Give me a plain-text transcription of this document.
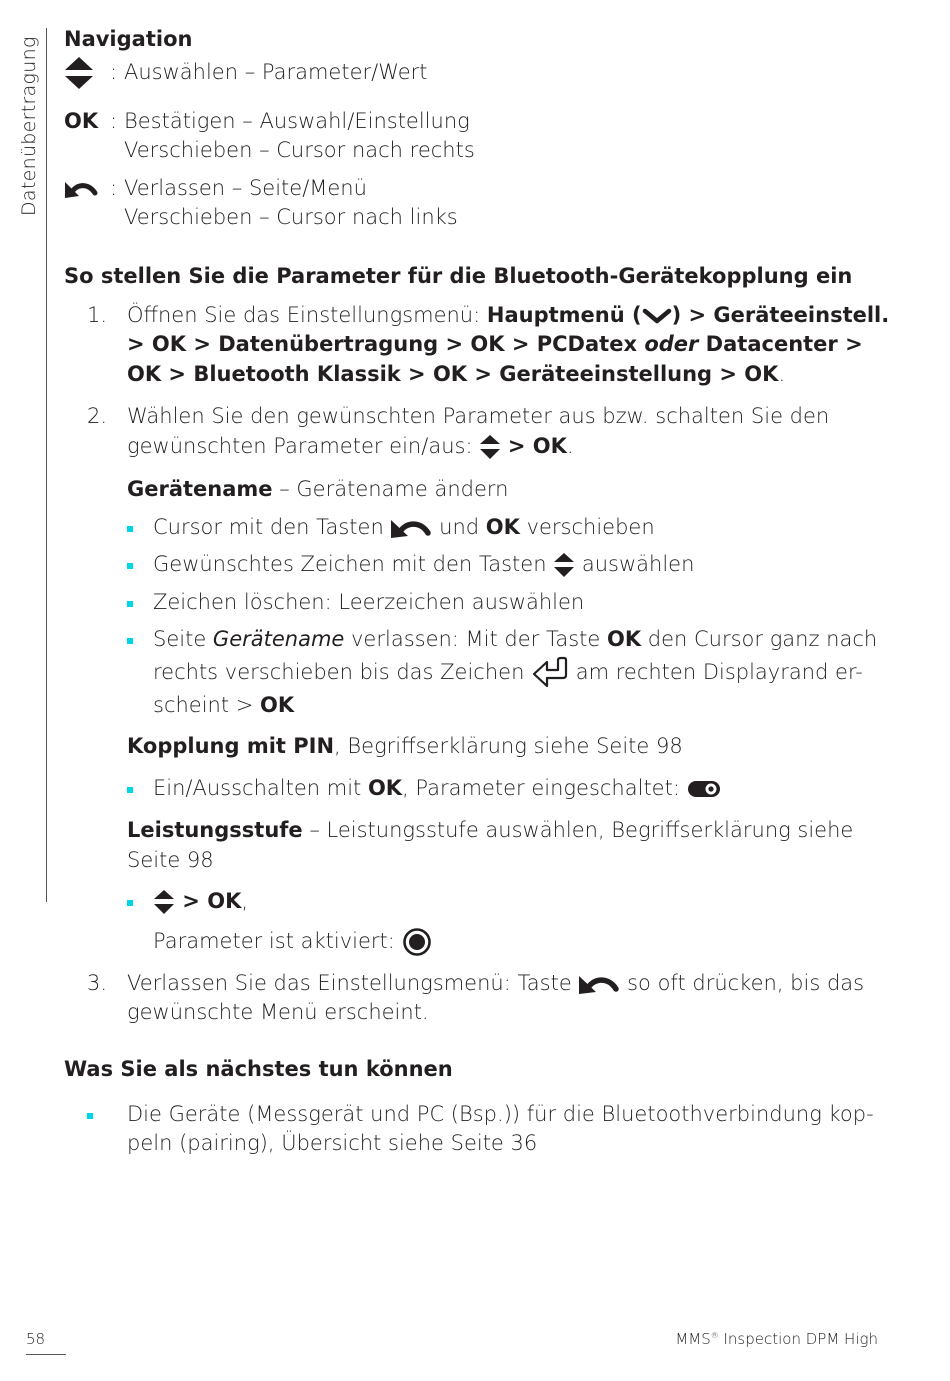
Datenübertragung Navigation
: Auswählen – Parameter/Wert
OK : Bestätigen – Auswahl/Einstellung
Verschieben – Cursor nach rechts
: Verlassen – Seite/Menü
Verschieben – Cursor nach links
So stellen Sie die Parameter für die Bluetooth-Gerätekopplung ein
1. Öffnen Sie das Einstellungsmenü: Hauptmenü ( ) > Geräteeinstell. > OK > Datenübertragung > OK > PCDatex oder Datacenter > OK > Bluetooth Klassik > OK > Geräteeinstellung > OK.
2. Wählen Sie den gewünschten Parameter aus bzw. schalten Sie den gewünschten Parameter ein/aus:  > OK.
Gerätename – Gerätename ändern
Cursor mit den Tasten  und OK verschieben
Gewünschtes Zeichen mit den Tasten  auswählen
Zeichen löschen: Leerzeichen auswählen
Seite Gerätename verlassen: Mit der Taste OK den Cursor ganz nach rechts verschieben bis das Zeichen  am rechten Displayrand er-scheint > OK
Kopplung mit PIN, Begriffserklärung siehe Seite 98
Ein/Ausschalten mit OK, Parameter eingeschaltet:
Leistungsstufe – Leistungsstufe auswählen, Begriffserklärung siehe Seite 98
> OK,
Parameter ist aktiviert:
3. Verlassen Sie das Einstellungsmenü: Taste  so oft drücken, bis das gewünschte Menü erscheint.
Was Sie als nächstes tun können
Die Geräte (Messgerät und PC (Bsp.)) für die Bluetoothverbindung kop-peln (pairing), Übersicht siehe Seite 36
58	MMS® Inspection DPM High
